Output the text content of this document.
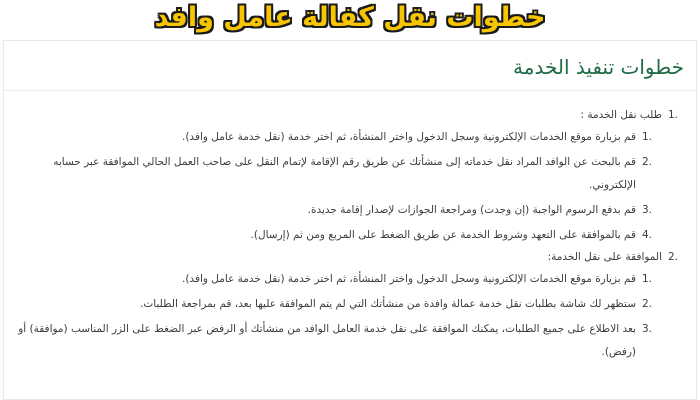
خطوات نقل كفالة عامل وافد
خطوات تنفيذ الخدمة
1.
طلب نقل الخدمة :
1.
قم بزيارة موقع الخدمات الإلكترونية وسجل الدخول واختر المنشأة، ثم اختر خدمة (نقل خدمة عامل وافد).
2.
قم بالبحث عن الوافد المراد نقل خدماته إلى منشأتك عن طريق رقم الإقامة لإتمام النقل على صاحب العمل الحالي الموافقة عبر حسابه الإلكتروني.
3.
قم بدفع الرسوم الواجبة (إن وجدت) ومراجعة الجوازات لإصدار إقامة جديدة.
4.
قم بالموافقة على التعهد وشروط الخدمة عن طريق الضغط على المربع ومن ثم (إرسال).
2.
الموافقة على نقل الخدمة:
1.
قم بزيارة موقع الخدمات الإلكترونية وسجل الدخول واختر المنشأة، ثم اختر خدمة (نقل خدمة عامل وافد).
2.
ستظهر لك شاشة بطلبات نقل خدمة عمالة وافدة من منشأتك التي لم يتم الموافقة عليها بعد، قم بمراجعة الطلبات.
3.
بعد الاطلاع على جميع الطلبات، يمكنك الموافقة على نقل خدمة العامل الوافد من منشأتك أو الرفض عبر الضغط على الزر المناسب (موافقة) أو (رفض).
